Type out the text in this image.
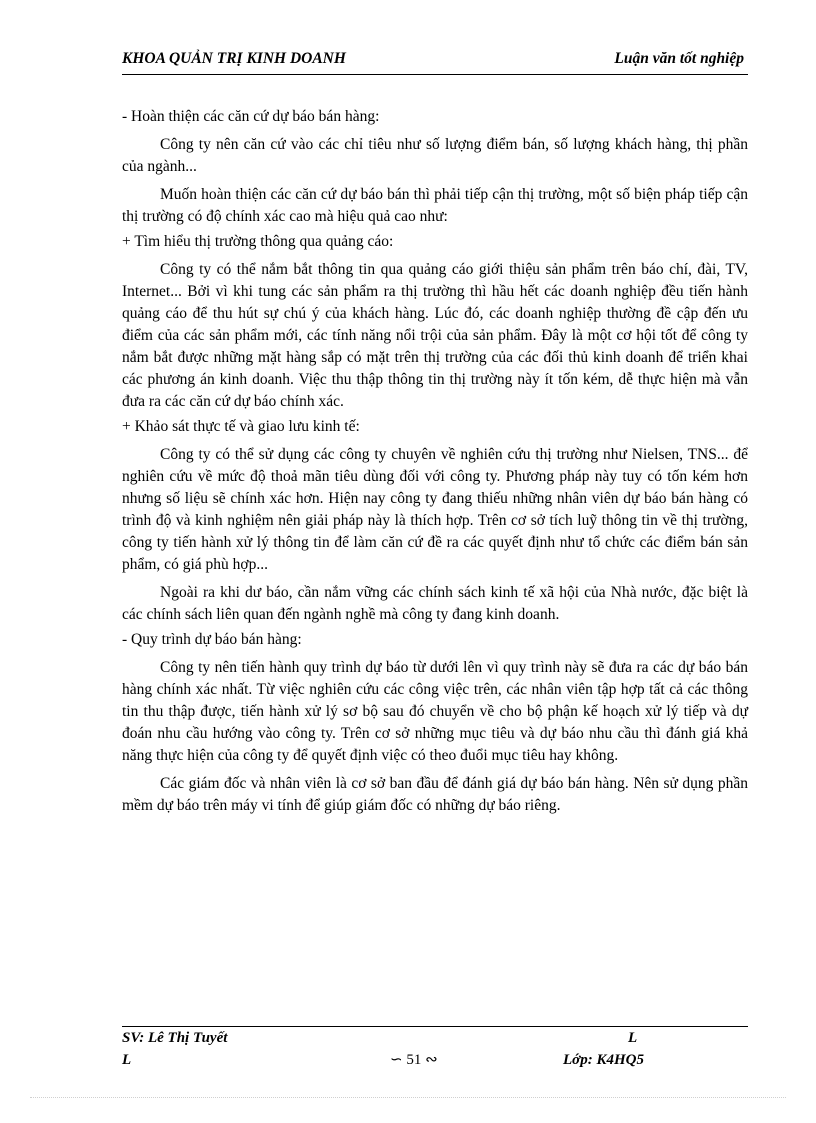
KHOA QUẢN TRỊ KINH DOANH	Luận văn tốt nghiệp

- Hoàn thiện các căn cứ dự báo bán hàng:

Công ty nên căn cứ vào các chỉ tiêu như số lượng điểm bán, số lượng khách hàng, thị phần của ngành...

Muốn hoàn thiện các căn cứ dự báo bán thì phải tiếp cận thị trường, một số biện pháp tiếp cận thị trường có độ chính xác cao mà hiệu quả cao như:

+ Tìm hiểu thị trường thông qua quảng cáo:

Công ty có thể nắm bắt thông tin qua quảng cáo giới thiệu sản phẩm trên báo chí, đài, TV, Internet... Bởi vì khi tung các sản phẩm ra thị trường thì hầu hết các doanh nghiệp đều tiến hành quảng cáo để thu hút sự chú ý của khách hàng. Lúc đó, các doanh nghiệp thường đề cập đến ưu điểm của các sản phẩm mới, các tính năng nổi trội của sản phẩm. Đây là một cơ hội tốt để công ty nắm bắt được những mặt hàng sắp có mặt trên thị trường của các đối thủ kinh doanh để triển khai các phương án kinh doanh. Việc thu thập thông tin thị trường này ít tốn kém, dễ thực hiện mà vẫn đưa ra các căn cứ dự báo chính xác.

+ Khảo sát thực tế và giao lưu kinh tế:

Công ty có thể sử dụng các công ty chuyên về nghiên cứu thị trường như Nielsen, TNS... để nghiên cứu về mức độ thoả mãn tiêu dùng đối với công ty. Phương pháp này tuy có tốn kém hơn nhưng số liệu sẽ chính xác hơn. Hiện nay công ty đang thiếu những nhân viên dự báo bán hàng có trình độ và kinh nghiệm nên giải pháp này là thích hợp. Trên cơ sở tích luỹ thông tin về thị trường, công ty tiến hành xử lý thông tin để làm căn cứ đề ra các quyết định như tổ chức các điểm bán sản phẩm, có giá phù hợp...

Ngoài ra khi dư báo, cần nắm vững các chính sách kinh tế xã hội của Nhà nước, đặc biệt là các chính sách liên quan đến ngành nghề mà công ty đang kinh doanh.

- Quy trình dự báo bán hàng:

Công ty nên tiến hành quy trình dự báo từ dưới lên vì quy trình này sẽ đưa ra các dự báo bán hàng chính xác nhất. Từ việc nghiên cứu các công việc trên, các nhân viên tập hợp tất cả các thông tin thu thập được, tiến hành xử lý sơ bộ sau đó chuyển về cho bộ phận kế hoạch xử lý tiếp và dự đoán nhu cầu hướng vào công ty. Trên cơ sở những mục tiêu và dự báo nhu cầu thì đánh giá khả năng thực hiện của công ty để quyết định việc có theo đuổi mục tiêu hay không.

Các giám đốc và nhân viên là cơ sở ban đầu để đánh giá dự báo bán hàng. Nên sử dụng phần mềm dự báo trên máy vi tính để giúp giám đốc có những dự báo riêng.

SV: Lê Thị Tuyết
L
L
∽ 51 ∾	Lớp: K4HQ5
